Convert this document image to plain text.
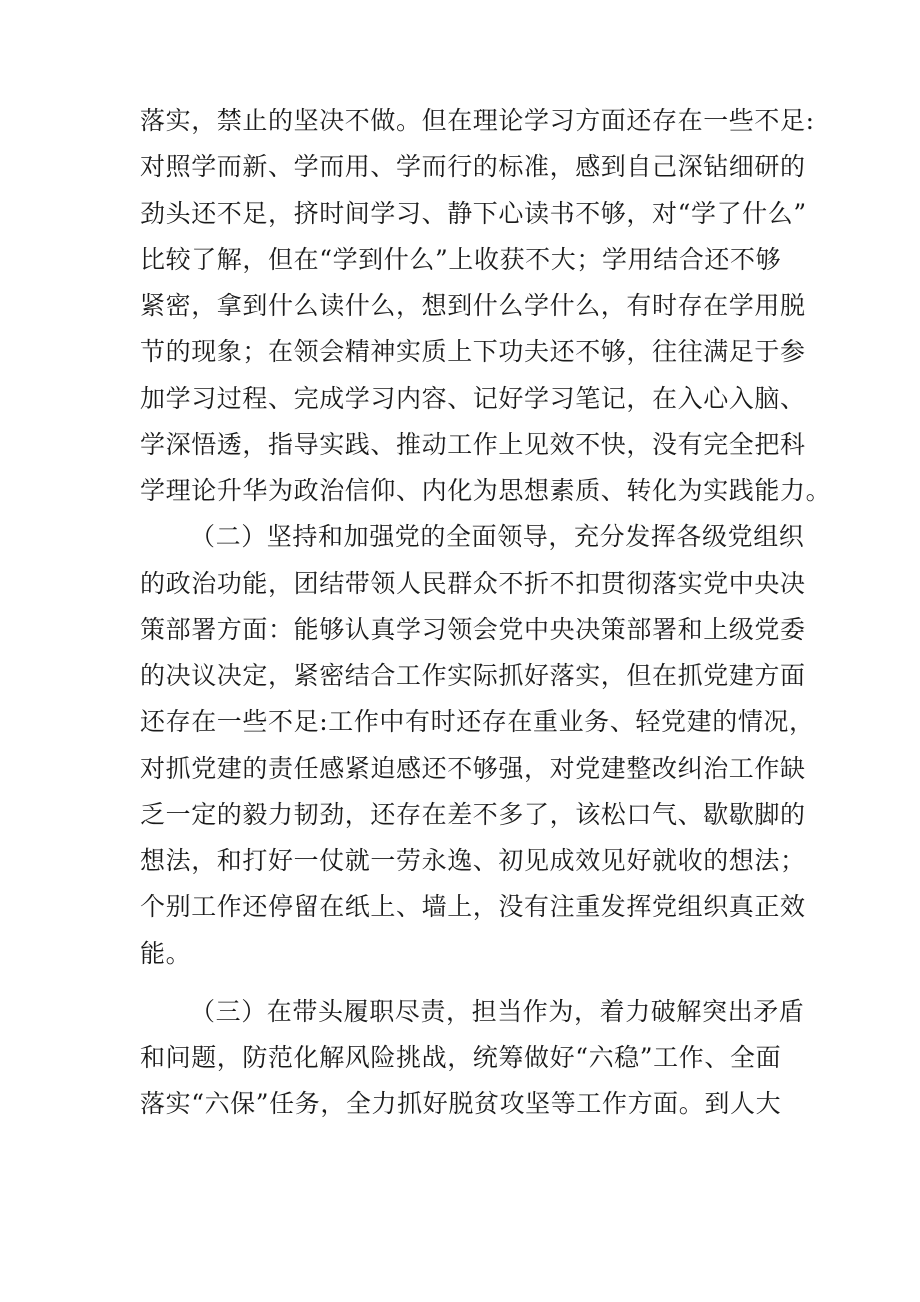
落实，禁止的坚决不做。但在理论学习方面还存在一些不足:
对照学而新、学而用、学而行的标准，感到自己深钻细研的
劲头还不足，挤时间学习、静下心读书不够，对“学了什么”
比较了解，但在“学到什么”上收获不大；学用结合还不够
紧密，拿到什么读什么，想到什么学什么，有时存在学用脱
节的现象；在领会精神实质上下功夫还不够，往往满足于参
加学习过程、完成学习内容、记好学习笔记，在入心入脑、
学深悟透，指导实践、推动工作上见效不快，没有完全把科
学理论升华为政治信仰、内化为思想素质、转化为实践能力。
（二）坚持和加强党的全面领导，充分发挥各级党组织
的政治功能，团结带领人民群众不折不扣贯彻落实党中央决
策部署方面：能够认真学习领会党中央决策部署和上级党委
的决议决定，紧密结合工作实际抓好落实，但在抓党建方面
还存在一些不足:工作中有时还存在重业务、轻党建的情况，
对抓党建的责任感紧迫感还不够强，对党建整改纠治工作缺
乏一定的毅力韧劲，还存在差不多了，该松口气、歇歇脚的
想法，和打好一仗就一劳永逸、初见成效见好就收的想法；
个别工作还停留在纸上、墙上，没有注重发挥党组织真正效
能。
（三）在带头履职尽责，担当作为，着力破解突出矛盾
和问题，防范化解风险挑战，统筹做好“六稳”工作、全面
落实“六保”任务，全力抓好脱贫攻坚等工作方面。到人大
